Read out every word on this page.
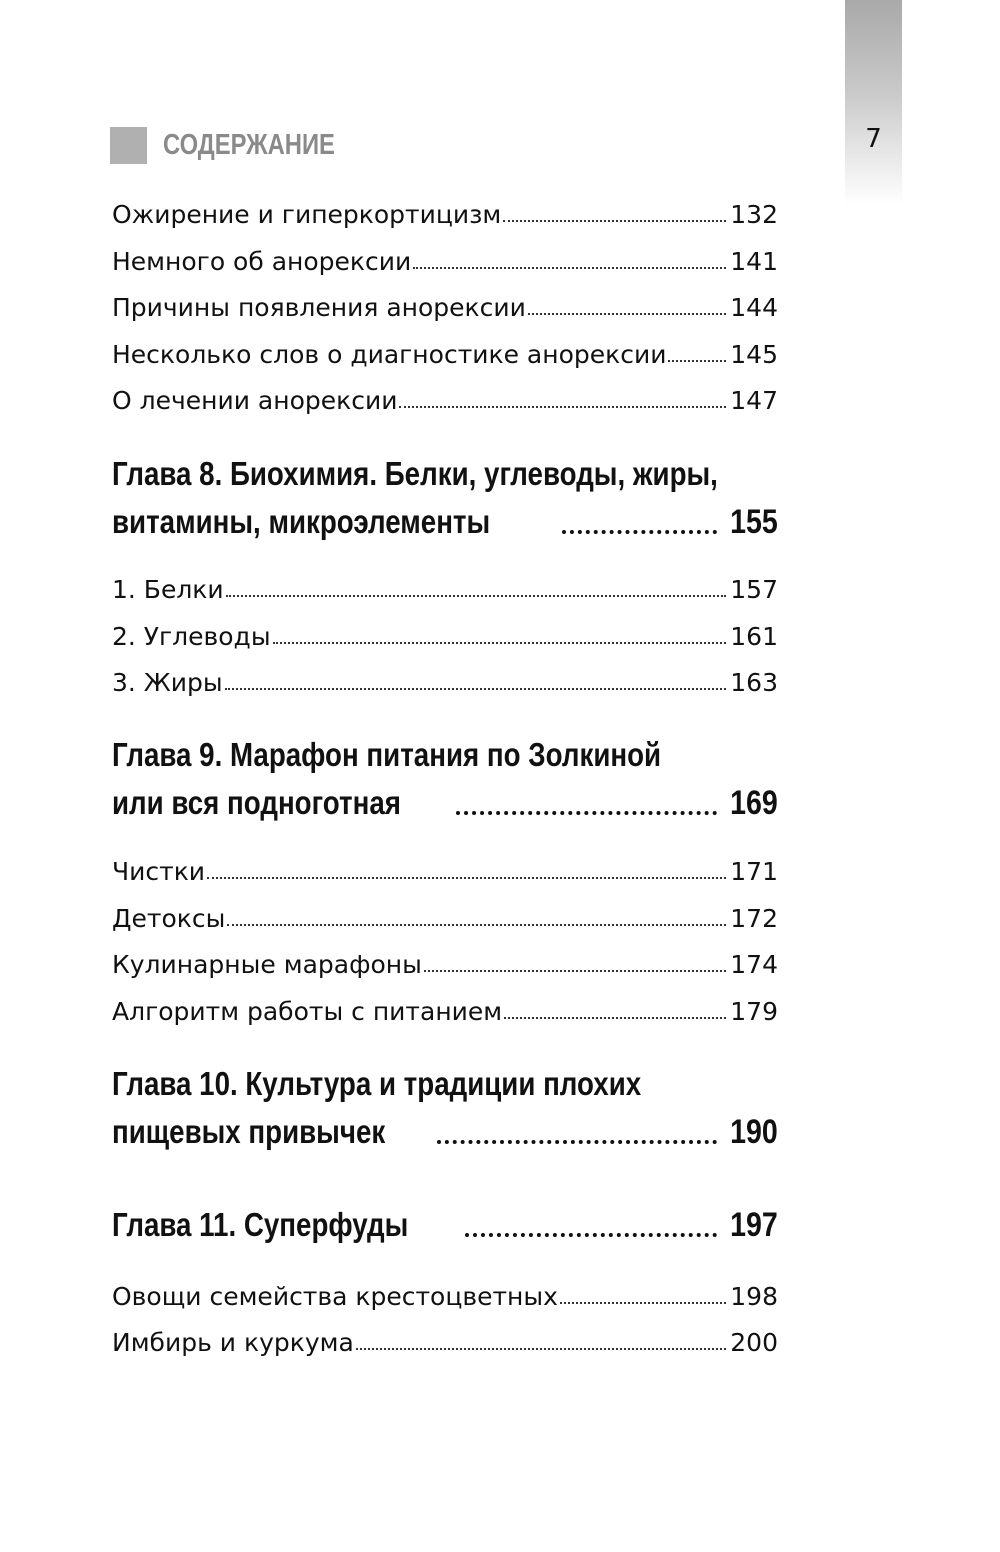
7
СОДЕРЖАНИЕ
Ожирение и гиперкортицизм	132
Немного об анорексии	141
Причины появления анорексии	144
Несколько слов о диагностике анорексии	145
О лечении анорексии	147
Глава 8. Биохимия. Белки, углеводы, жиры,
витамины, микроэлементы	155
1. Белки	157
2. Углеводы	161
3. Жиры	163
Глава 9. Марафон питания по Золкиной
или вся подноготная	169
Чистки	171
Детоксы	172
Кулинарные марафоны	174
Алгоритм работы с питанием	179
Глава 10. Культура и традиции плохих
пищевых привычек	190
Глава 11. Суперфуды	197
Овощи семейства крестоцветных	198
Имбирь и куркума	200
